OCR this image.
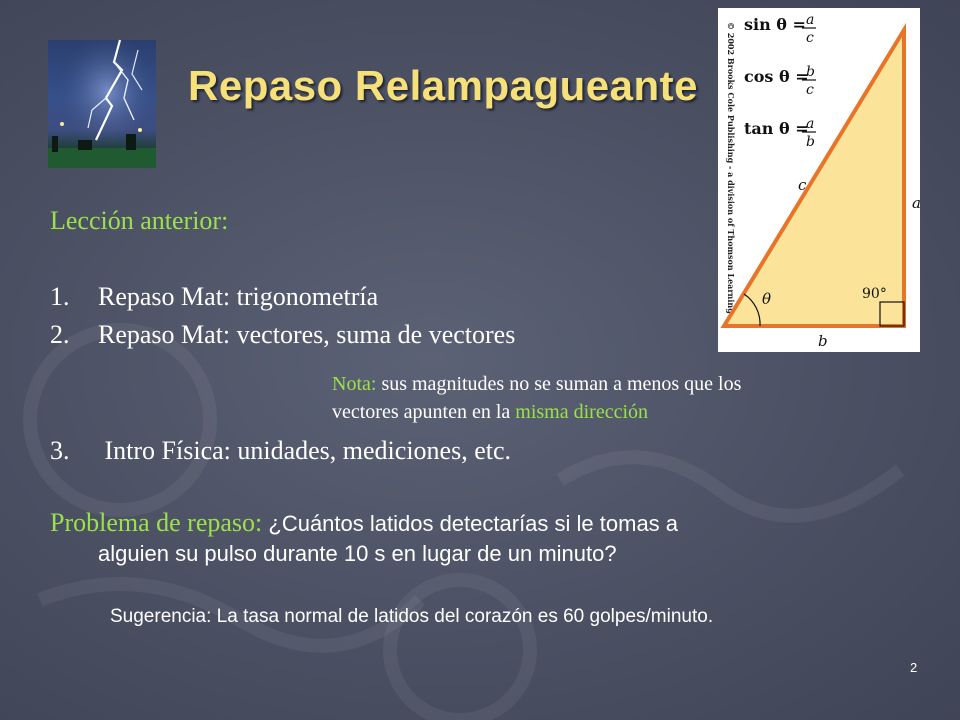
Repaso Relampagueante	© 2002 Brooks Cole Publishing - a division of Thomson Learning sin θ = a
c
cos θ =
b
c
tan θ =
a
b
θ	90°
c
a
b
Lección anterior:
1. Repaso Mat: trigonometría
2. Repaso Mat: vectores, suma de vectores
Nota: sus magnitudes no se suman a menos que los
vectores apunten en la misma dirección
3. Intro Física: unidades, mediciones, etc.
Problema de repaso: ¿Cuántos latidos detectarías si le tomas a
alguien su pulso durante 10 s en lugar de un minuto?
Sugerencia: La tasa normal de latidos del corazón es 60 golpes/minuto.
2
